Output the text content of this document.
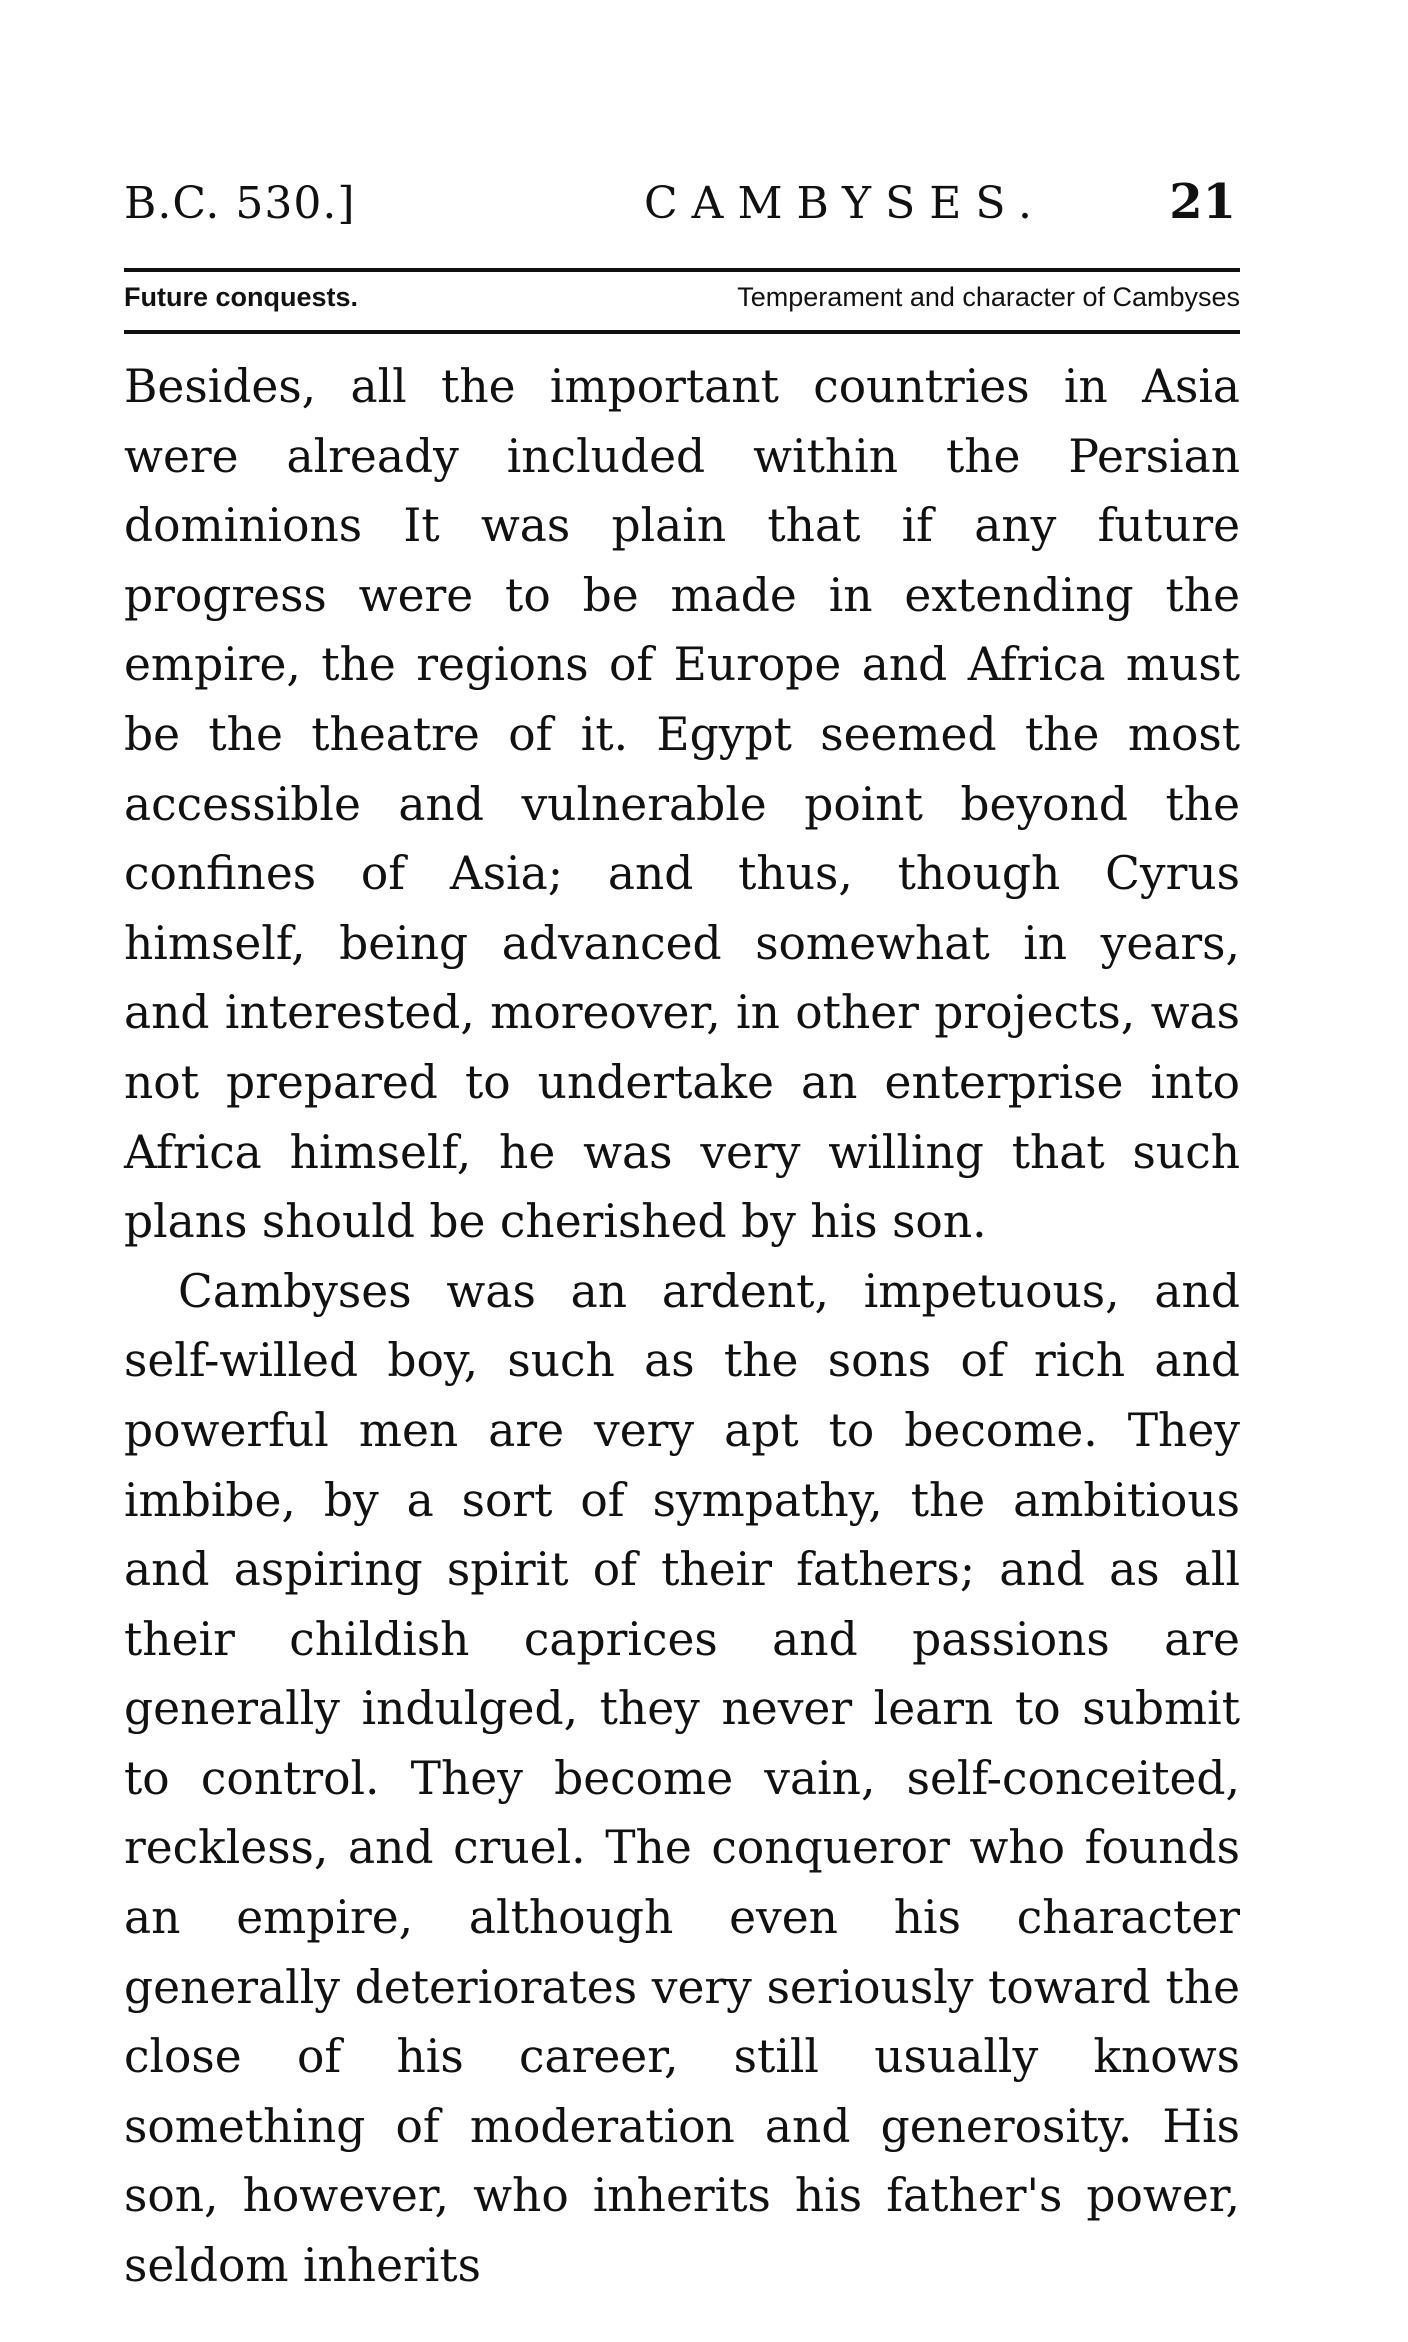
B.C. 530.]	CAMBYSES.	21
Future conquests.	Temperament and character of Cambyses

Besides, all the important countries in Asia were already included within the Persian dominions It was plain that if any future progress were to be made in extending the empire, the regions of Europe and Africa must be the theatre of it. Egypt seemed the most accessible and vulnerable point beyond the confines of Asia; and thus, though Cyrus himself, being advanced somewhat in years, and interested, moreover, in other projects, was not prepared to undertake an enterprise into Africa himself, he was very willing that such plans should be cherished by his son.

Cambyses was an ardent, impetuous, and self-willed boy, such as the sons of rich and powerful men are very apt to become. They imbibe, by a sort of sympathy, the ambitious and aspiring spirit of their fathers; and as all their childish caprices and passions are generally indulged, they never learn to submit to control. They become vain, self-conceited, reckless, and cruel. The conqueror who founds an empire, although even his character generally deteriorates very seriously toward the close of his career, still usually knows something of moderation and generosity. His son, however, who inherits his father's power, seldom inherits
